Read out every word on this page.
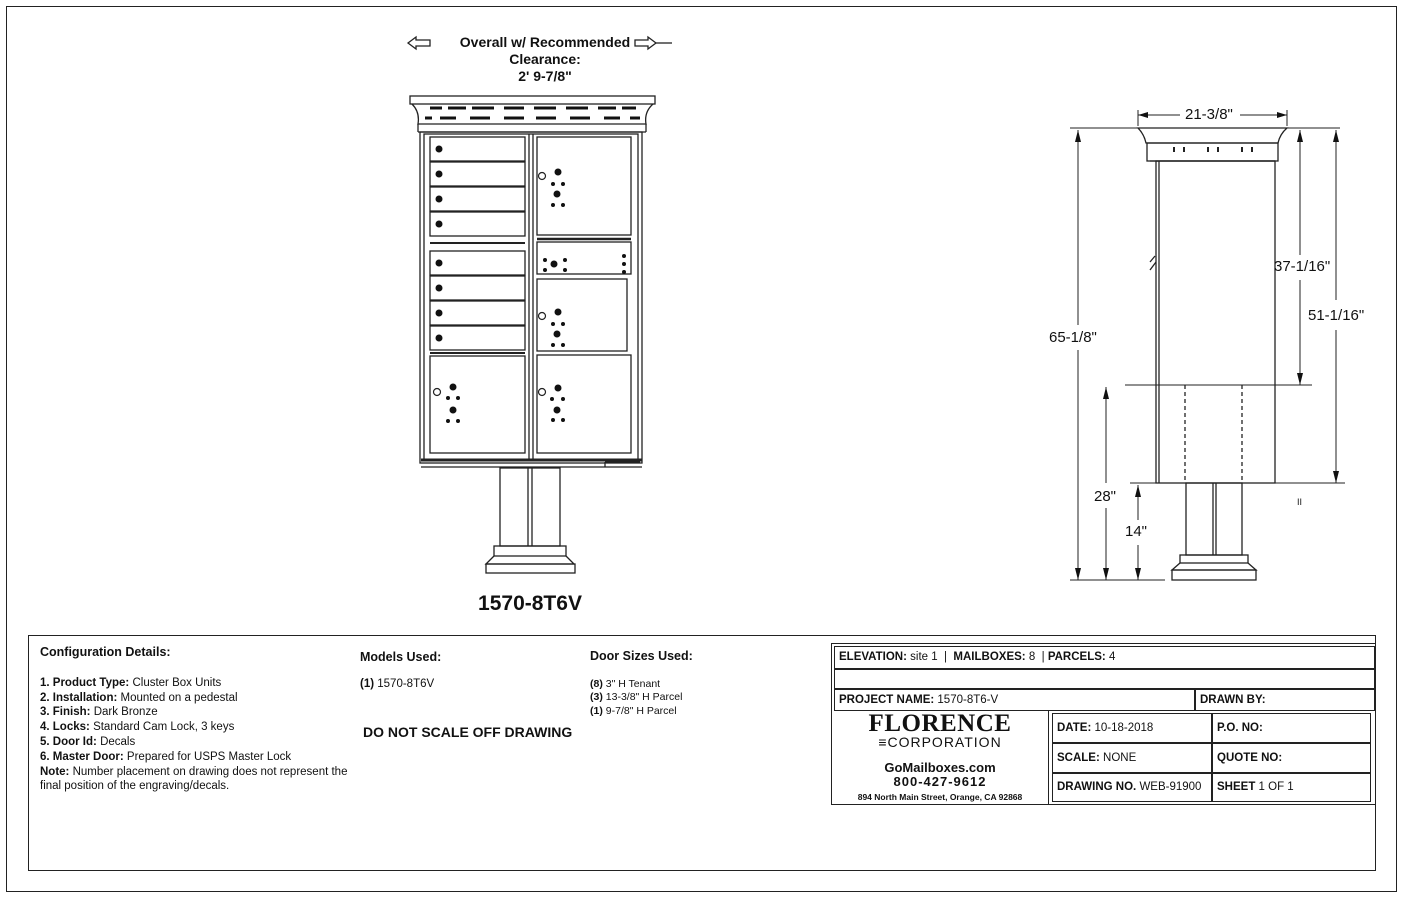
Overall w/ Recommended
Clearance:
2' 9-7/8"
1570-8T6V
21-3/8"
65-1/8"
37-1/16"
51-1/16"
28"
14"
II
Configuration Details:
1. Product Type: Cluster Box Units
2. Installation: Mounted on a pedestal
3. Finish: Dark Bronze
4. Locks: Standard Cam Lock, 3 keys
5. Door Id: Decals
6. Master Door: Prepared for USPS Master Lock
Note: Number placement on drawing does not represent the final position of the engraving/decals.
Models Used:
(1) 1570-8T6V
DO NOT SCALE OFF DRAWING
Door Sizes Used:
(8) 3" H Tenant
(3) 13-3/8" H Parcel
(1) 9-7/8" H Parcel
ELEVATION: site 1  |  MAILBOXES: 8  | PARCELS: 4
PROJECT NAME: 1570-8T6-V	DRAWN BY:
DATE: 10-18-2018	P.O. NO:
SCALE: NONE	QUOTE NO:
DRAWING NO. WEB-91900	SHEET 1 OF 1
FLORENCE
≡CORPORATION
GoMailboxes.com
800-427-9612
894 North Main Street, Orange, CA 92868
